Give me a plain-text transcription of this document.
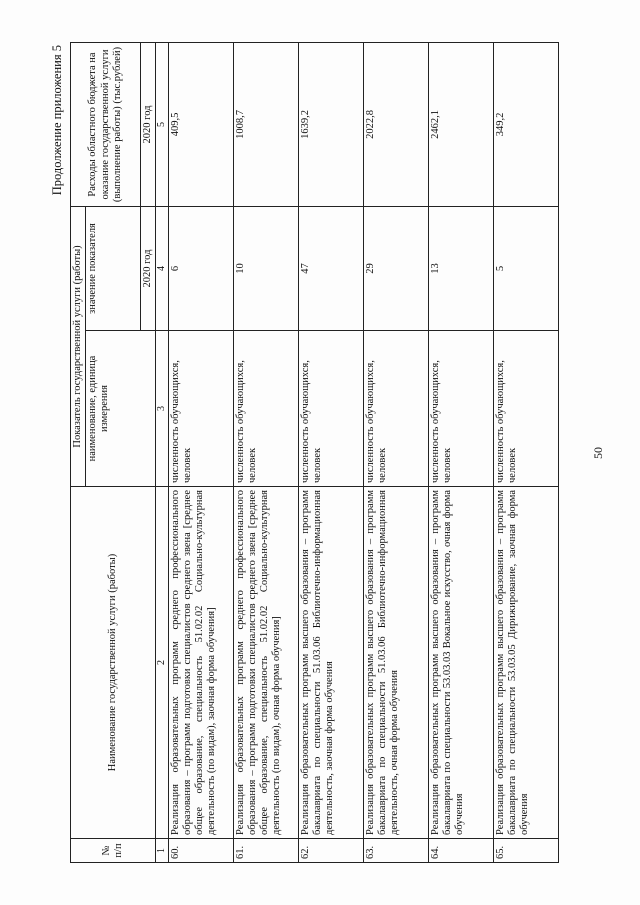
Продолжение приложения 5
№ п/п	Наименование государственной услуги (работы)	Показатель государственной услуги (работы)		Расходы областного бюджета на оказание государственной услуги (выполнение работы) (тыс.рублей)
		наименование, единица измерения	значение показателя	
			2020 год	2020 год
1	2	3	4	5
60.	Реализация образовательных программ среднего профессионального образования – программ подготовки специалистов среднего звена [среднее общее образование, специальность 51.02.02 Социально-культурная деятельность (по видам), заочная форма обучения]	численность обучающихся, человек	6	409,5
61.	Реализация образовательных программ среднего профессионального образования – программ подготовки специалистов среднего звена [среднее общее образование, специальность 51.02.02 Социально-культурная деятельность (по видам), очная форма обучения]	численность обучающихся, человек	10	1008,7
62.	Реализация образовательных программ высшего образования – программ бакалавриата по специальности 51.03.06 Библиотечно-информационная деятельность, заочная форма обучения	численность обучающихся, человек	47	1639,2
63.	Реализация образовательных программ высшего образования – программ бакалавриата по специальности 51.03.06 Библиотечно-информационная деятельность, очная форма обучения	численность обучающихся, человек	29	2022,8
64.	Реализация образовательных программ высшего образования – программ бакалавриата по специальности 53.03.03 Вокальное искусство, очная форма обучения	численность обучающихся, человек	13	2462,1
65.	Реализация образовательных программ высшего образования – программ бакалавриата по специальности 53.03.05 Дирижирование, заочная форма обучения	численность обучающихся, человек	5	349,2
50
